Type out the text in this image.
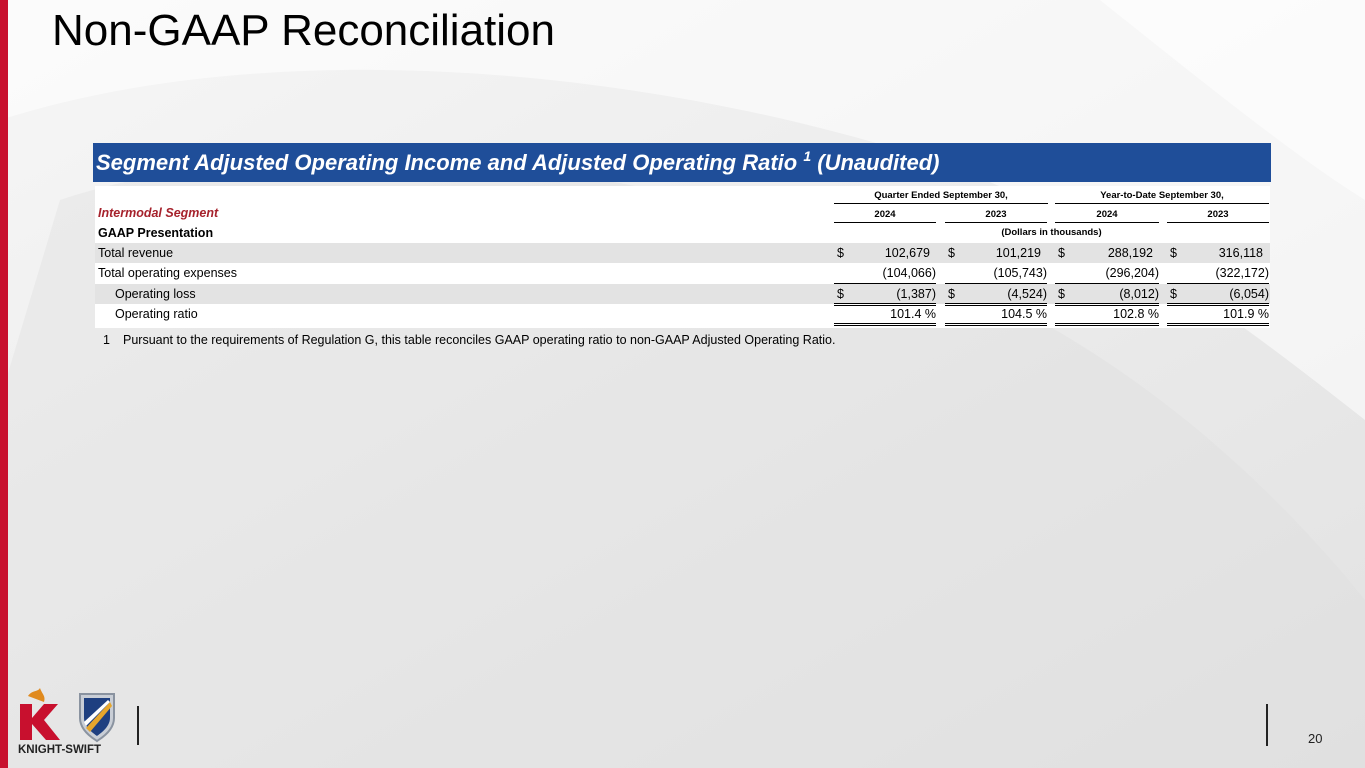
Non-GAAP Reconciliation
Segment Adjusted Operating Income and Adjusted Operating Ratio $^1$ (Unaudited)
Quarter Ended September 30,	Year-to-Date September 30,
Intermodal Segment	2024	2023	2024	2023
GAAP Presentation	(Dollars in thousands)
Total revenue	$	102,679 $	101,219 $	288,192 $	316,118
Total operating expenses	(104,066)	(105,743)	(296,204)	(322,172)
Operating loss	$	(1,387) $	(4,524) $	(8,012) $	(6,054)
Operating ratio	101.4 %	104.5 %	102.8 %	101.9 %
1 Pursuant to the requirements of Regulation G, this table reconciles GAAP operating ratio to non-GAAP Adjusted Operating Ratio.
KNIGHT-SWIFT
20
